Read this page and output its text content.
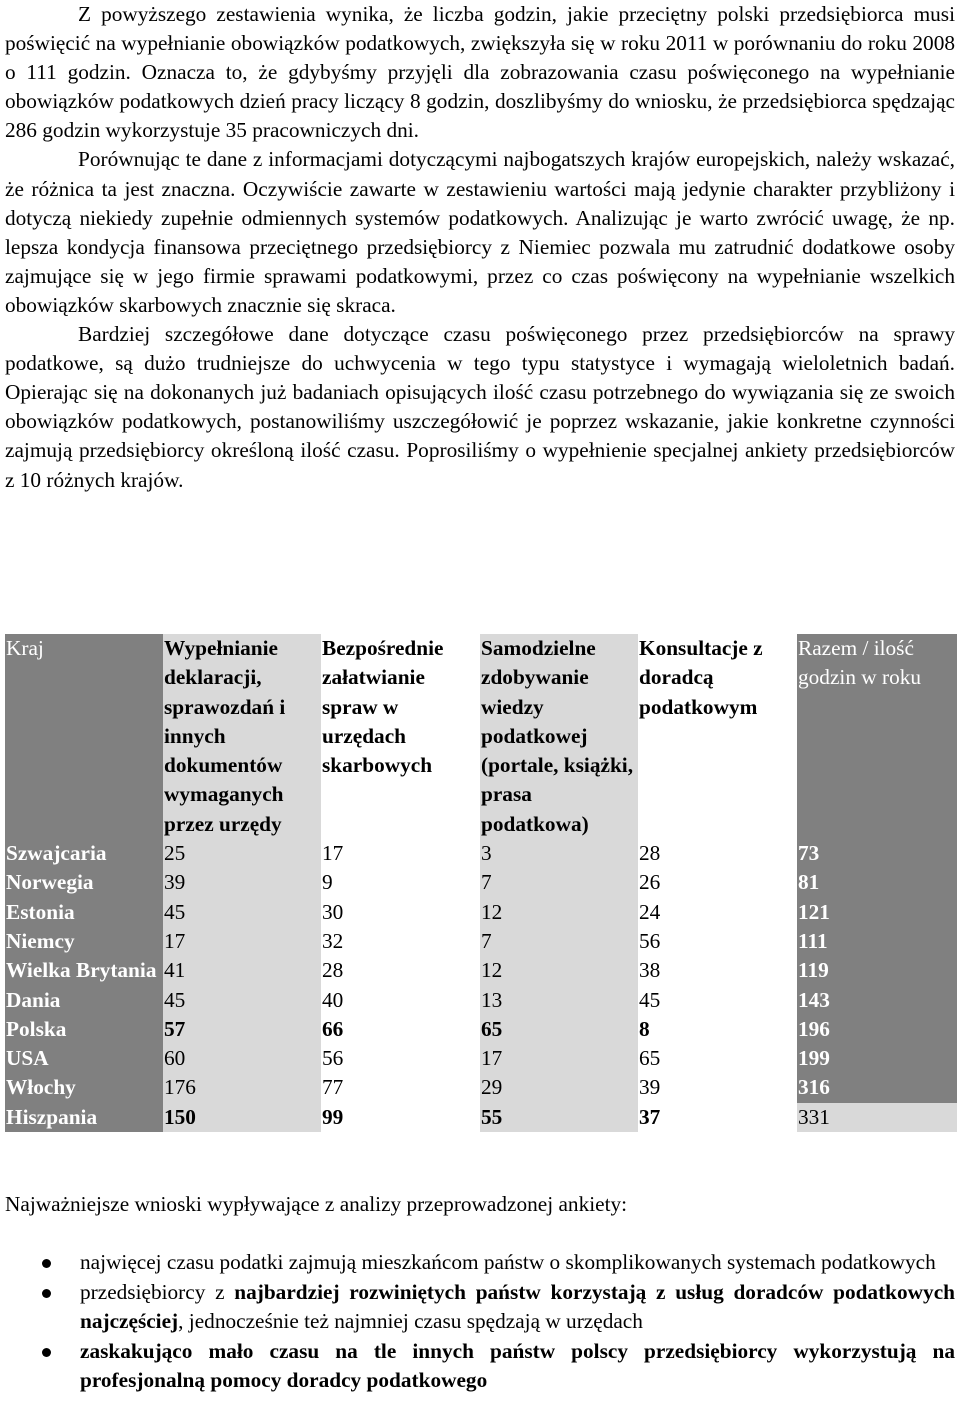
Z powyższego zestawienia wynika, że liczba godzin, jakie przeciętny polski przedsiębiorca musi poświęcić na wypełnianie obowiązków podatkowych, zwiększyła się w roku 2011 w porównaniu do roku 2008 o 111 godzin. Oznacza to, że gdybyśmy przyjęli dla zobrazowania czasu poświęconego na wypełnianie obowiązków podatkowych dzień pracy liczący 8 godzin, doszlibyśmy do wniosku, że przedsiębiorca spędzając 286 godzin wykorzystuje 35 pracowniczych dni.

Porównując te dane z informacjami dotyczącymi najbogatszych krajów europejskich, należy wskazać, że różnica ta jest znaczna. Oczywiście zawarte w zestawieniu wartości mają jedynie charakter przybliżony i dotyczą niekiedy zupełnie odmiennych systemów podatkowych. Analizując je warto zwrócić uwagę, że np. lepsza kondycja finansowa przeciętnego przedsiębiorcy z Niemiec pozwala mu zatrudnić dodatkowe osoby zajmujące się w jego firmie sprawami podatkowymi, przez co czas poświęcony na wypełnianie wszelkich obowiązków skarbowych znacznie się skraca.

Bardziej szczegółowe dane dotyczące czasu poświęconego przez przedsiębiorców na sprawy podatkowe, są dużo trudniejsze do uchwycenia w tego typu statystyce i wymagają wieloletnich badań. Opierając się na dokonanych już badaniach opisujących ilość czasu potrzebnego do wywiązania się ze swoich obowiązków podatkowych, postanowiliśmy uszczegółowić je poprzez wskazanie, jakie konkretne czynności zajmują przedsiębiorcy określoną ilość czasu. Poprosiliśmy o wypełnienie specjalnej ankiety przedsiębiorców z 10 różnych krajów.

Kraj	Wypełnianie deklaracji, sprawozdań i innych dokumentów wymaganych przez urzędy	Bezpośrednie załatwianie spraw w urzędach skarbowych	Samodzielne zdobywanie wiedzy podatkowej (portale, książki, prasa podatkowa)	Konsultacje z doradcą podatkowym	Razem / ilość godzin w roku
Szwajcaria	25	17	3	28	73
Norwegia	39	9	7	26	81
Estonia	45	30	12	24	121
Niemcy	17	32	7	56	111
Wielka Brytania	41	28	12	38	119
Dania	45	40	13	45	143
Polska	57	66	65	8	196
USA	60	56	17	65	199
Włochy	176	77	29	39	316
Hiszpania	150	99	55	37	331

Najważniejsze wnioski wypływające z analizy przeprowadzonej ankiety:

najwięcej czasu podatki zajmują mieszkańcom państw o skomplikowanych systemach podatkowych
przedsiębiorcy z najbardziej rozwiniętych państw korzystają z usług doradców podatkowych najczęściej, jednocześnie też najmniej czasu spędzają w urzędach
zaskakująco mało czasu na tle innych państw polscy przedsiębiorcy wykorzystują na profesjonalną pomocy doradcy podatkowego
